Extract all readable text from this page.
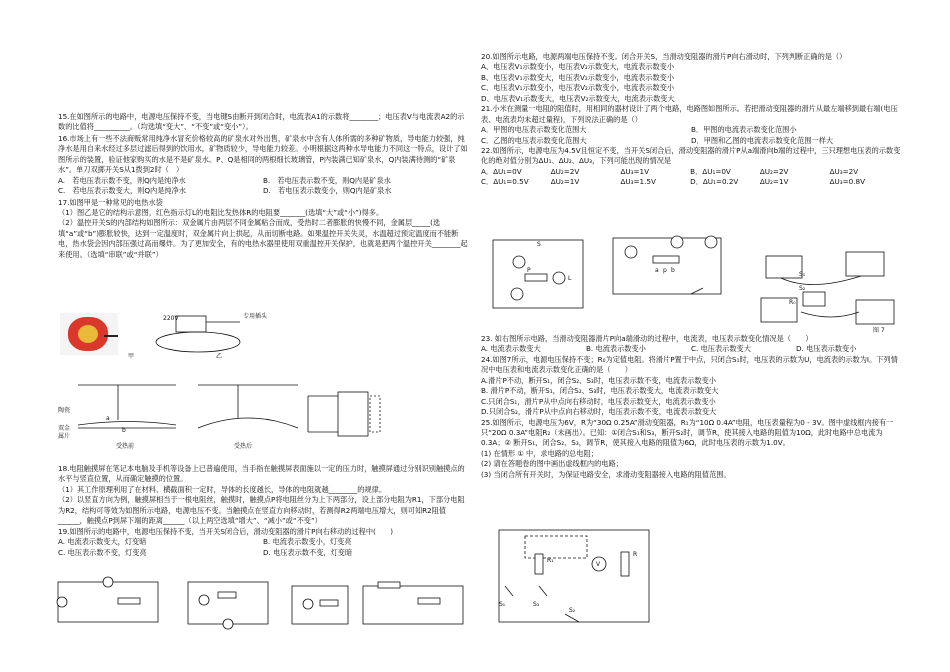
15.在如图所示的电路中，电源电压保持不变，当电键S由断开到闭合时，电流表A1的示数将________；电压表V与电流表A2的示数的比值将__________。（均选填“变大”、“不变”或“变小”）。

16.市场上有一些不法商贩常用纯净水冒充价格较高的矿泉水对外出售，矿泉水中含有人体所需的多种矿物质，导电能力较强，纯净水是用自来水经过多层过滤后得到的饮用水，矿物质较少，导电能力较差。小明根据这两种水导电能力不同这一特点，设计了如图所示的装置，验证他家购买的水是不是矿泉水。P、Q是相同的两根细长玻璃管，P内装满已知矿泉水，Q内装满待测的“矿泉水”。单刀双掷开关S从1拨到2时（　）

A.　若电压表示数不变，则Q内是纯净水	B.　若电压表示数不变，则Q内是矿泉水
C.　若电压表示数变大，则Q内是纯净水	D.　若电压表示数变小，则Q内是矿泉水

17.如图甲是一种常见的电热水袋

（1）图乙是它的结构示意图，红色指示灯L的电阻比发热体R的电阻要_______(选填“大”或“小”)得多。

（2）温控开关S的内部结构如图所示：双金属片由两层不同金属粘合而成，受热时二者膨胀的快慢不同，金属层_____(选填“a”或“b”)膨胀较快，达到一定温度时，双金属片向上拱起，从而切断电路。如果温控开关失灵，水温超过预定温度而不能断电，热水袋会因内部压强过高而爆炸。为了更加安全，有的电热水器里使用双重温控开关保护，也就是把两个温控开关________起来使用。（选填“串联”或“并联”）

220V	专用插头
甲	乙
a
b
陶瓷
双金
属片
受热前	受热后

18.电阻触摸屏在笔记本电脑及手机等设备上已普遍使用，当手指在触摸屏表面施以一定的压力时，触摸屏通过分别识别触摸点的水平与竖直位置，从而确定触摸的位置。

（1）其工作原理利用了在材料、横截面积一定时，导体的长度越长，导体的电阻就越________的规律。

（2）以竖直方向为例，触摸屏相当于一根电阻丝，触摸时，触摸点P将电阻丝分为上下两部分，设上部分电阻为R1，下部分电阻为R2，结构可等效为如图所示电路，电源电压不变。当触摸点在竖直方向移动时，若测得R2两端电压增大，则可知R2阻值______，触摸点P到屏下端的距离______（以上两空选填“增大”、“减小”或“不变”）

19.如图所示的电路中，电源电压保持不变，当开关S闭合后，滑动变阻器的滑片P向右移动的过程中(　　)

A. 电流表示数变大，灯变暗	B. 电流表示数变小，灯变亮
C. 电压表示数不变，灯变亮	D. 电压表示数不变，灯变暗

20.如图所示电路，电源两端电压保持不变。闭合开关S，当滑动变阻器的滑片P向右滑动时，下列判断正确的是（）

A、电压表V₁示数变小，电压表V₂示数变大，电流表示数变小

B、电压表V₁示数变大，电压表V₂示数变小，电流表示数变小

C、电压表V₁示数变小，电压表V₂示数变小，电流表示数变小

D、电压表V₁示数变大，电压表V₂示数变大，电流表示数变大

21.小米在测量一电阻的阻值时，用相同的器材设计了两个电路，电路图如图所示。若把滑动变阻器的滑片从最左端移到最右端(电压表、电流表均未超过量程)，下列说法正确的是（）

A．甲图的电压表示数变化范围大	B．甲图的电流表示数变化范围小
C．乙图的电压表示数变化范围大	D．甲图和乙图的电流表示数变化范围一样大

22.如图所示，电源电压为4.5V且恒定不变，当开关S闭合后，滑动变阻器的滑片P从a端滑向b端的过程中，三只理想电压表的示数变化的绝对值分别为ΔU₁、ΔU₂、ΔU₃，下列可能出现的情况是

A．ΔU₁=0V	ΔU₂=2V	ΔU₃=1V	B．ΔU₁=0V	ΔU₂=2V	ΔU₃=2V
C．ΔU₁=0.5V	ΔU₂=1V	ΔU₃=1.5V	D．ΔU₁=0.2V	ΔU₂=1V	ΔU₃=0.8V
S
P
L
a p b
S₁
S₂
R₀
图 7

23. 如右图所示电路，当滑动变阻器滑片P向a端滑动的过程中，电流表，电压表示数变化情况是（　　）

A. 电流表示数变大	B. 电流表示数变小	C. 电压表示数变大	D. 电压表示数变小

24.如图7所示，电源电压保持不变；R₀为定值电阻。将滑片P置于中点，只闭合S₁时，电压表的示数为U，电流表的示数为I。下列情况中电压表和电流表示数变化正确的是（　　）

A.滑片P不动，断开S₁，闭合S₂、S₃时，电压表示数不变，电流表示数变小

B. 滑片P不动，断开S₁，闭合S₂、S₃时，电压表示数变大，电流表示数变大

C.只闭合S₁，滑片P从中点向右移动时，电压表示数变大，电流表示数变小

D.只闭合S₂，滑片P从中点向右移动时，电压表示数不变，电流表示数变大

25.如图所示，电源电压为6V，R为“30Ω 0.25A”滑动变阻器，R₁为“10Ω 0.4A”电阻，电压表量程为0 - 3V。图中虚线框内接有一只“20Ω 0.3A”电阻R₂（未画出）。已知：①闭合S₁和S₃，断开S₂时，调节R，使其接入电路的阻值为10Ω，此时电路中总电流为0.3A；② 断开S₁，闭合S₂、S₃，调节R，使其接入电路的阻值为6Ω，此时电压表的示数为1.0V。

(1) 在情形 ① 中，求电路的总电阻；

(2) 请在答题卷的图中画出虚线框内的电路；

(3) 当闭合所有开关时，为保证电路安全，求滑动变阻器接入电路的阻值范围。

R₁
V
R
S₁	S₃
S₂
